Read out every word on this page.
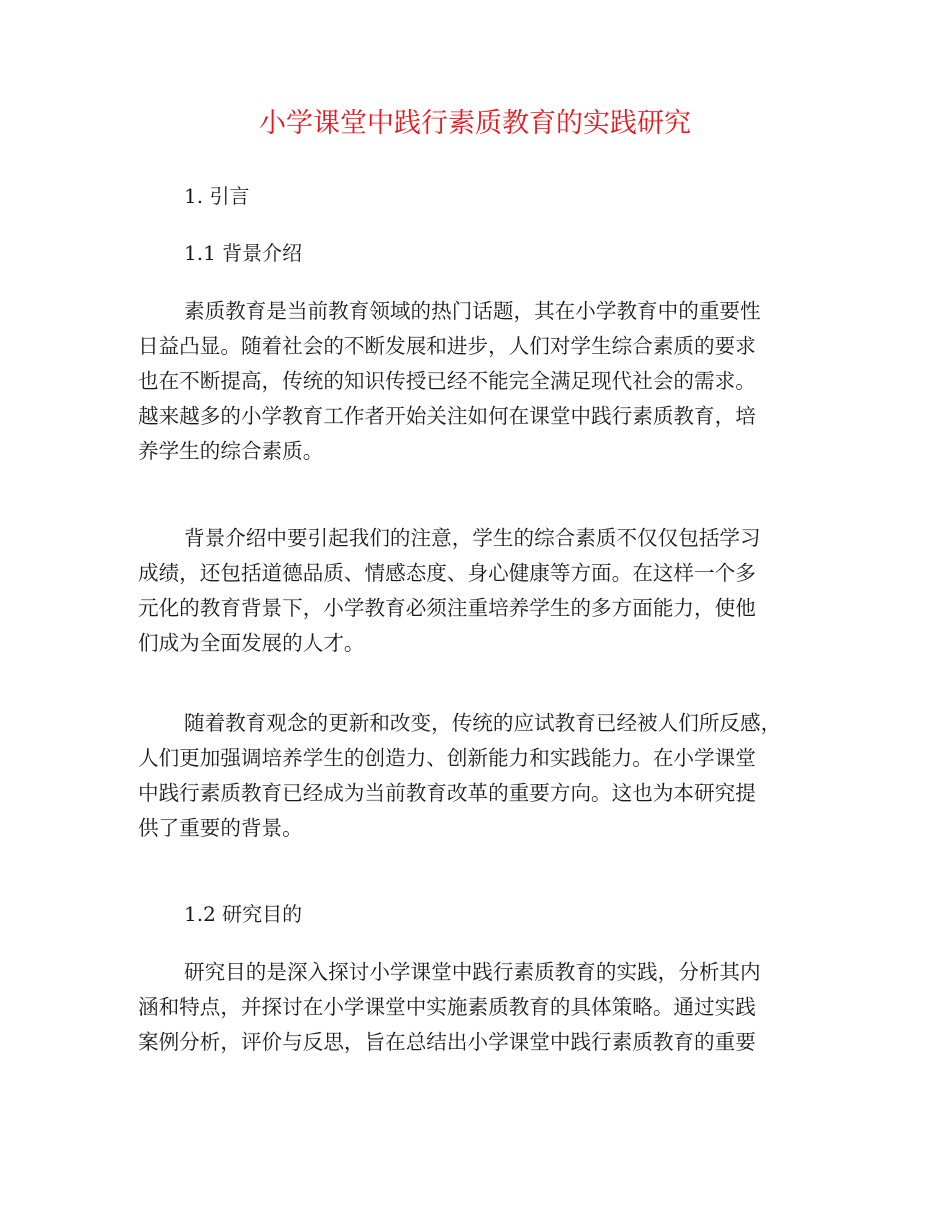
小学课堂中践行素质教育的实践研究
1. 引言
1.1 背景介绍
素质教育是当前教育领域的热门话题，其在小学教育中的重要性
日益凸显。随着社会的不断发展和进步，人们对学生综合素质的要求
也在不断提高，传统的知识传授已经不能完全满足现代社会的需求。
越来越多的小学教育工作者开始关注如何在课堂中践行素质教育，培
养学生的综合素质。
背景介绍中要引起我们的注意，学生的综合素质不仅仅包括学习
成绩，还包括道德品质、情感态度、身心健康等方面。在这样一个多
元化的教育背景下，小学教育必须注重培养学生的多方面能力，使他
们成为全面发展的人才。
随着教育观念的更新和改变，传统的应试教育已经被人们所反感，
人们更加强调培养学生的创造力、创新能力和实践能力。在小学课堂
中践行素质教育已经成为当前教育改革的重要方向。这也为本研究提
供了重要的背景。
1.2 研究目的
研究目的是深入探讨小学课堂中践行素质教育的实践，分析其内
涵和特点，并探讨在小学课堂中实施素质教育的具体策略。通过实践
案例分析，评价与反思，旨在总结出小学课堂中践行素质教育的重要
